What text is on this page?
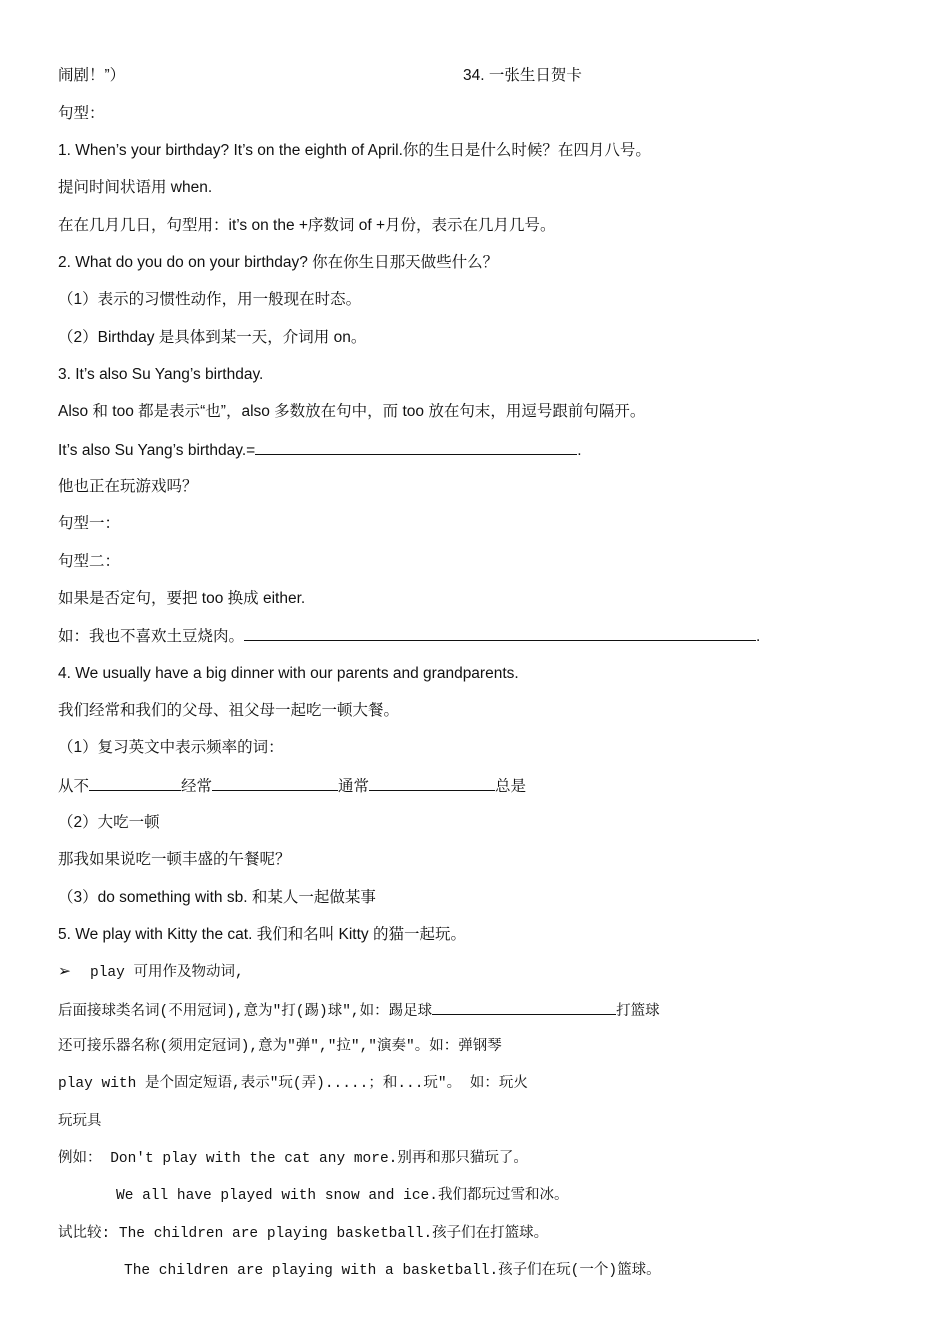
闹剧！”）	34. 一张生日贺卡
句型：
1. When’s your birthday? It’s on the eighth of April.你的生日是什么时候？在四月八号。
提问时间状语用 when.
在在几月几日，句型用：it’s on the +序数词 of +月份，表示在几月几号。
2. What do you do on your birthday? 你在你生日那天做些什么？
（1）表示的习惯性动作，用一般现在时态。
（2）Birthday 是具体到某一天，介词用 on。
3. It’s also Su Yang’s birthday.
Also 和 too 都是表示“也”，also 多数放在句中，而 too 放在句末，用逗号跟前句隔开。
It’s also Su Yang’s birthday.=	.
他也正在玩游戏吗？
句型一：
句型二：
如果是否定句，要把 too 换成 either.
如：我也不喜欢土豆烧肉。	.
4. We usually have a big dinner with our parents and grandparents.
我们经常和我们的父母、祖父母一起吃一顿大餐。
（1）复习英文中表示频率的词：
从不	经常	通常	总是
（2）大吃一顿
那我如果说吃一顿丰盛的午餐呢？
（3）do something with sb. 和某人一起做某事
5. We play with Kitty the cat. 我们和名叫 Kitty 的猫一起玩。
➢ play 可用作及物动词,
后面接球类名词(不用冠词),意为"打(踢)球",如：踢足球	打篮球
还可接乐器名称(须用定冠词),意为"弹","拉","演奏"。如：弹钢琴
play with 是个固定短语,表示"玩(弄).....；和...玩"。 如：玩火
玩玩具
例如： Don't play with the cat any more.别再和那只猫玩了。
We all have played with snow and ice.我们都玩过雪和冰。
试比较: The children are playing basketball.孩子们在打篮球。
The children are playing with a basketball.孩子们在玩(一个)篮球。
